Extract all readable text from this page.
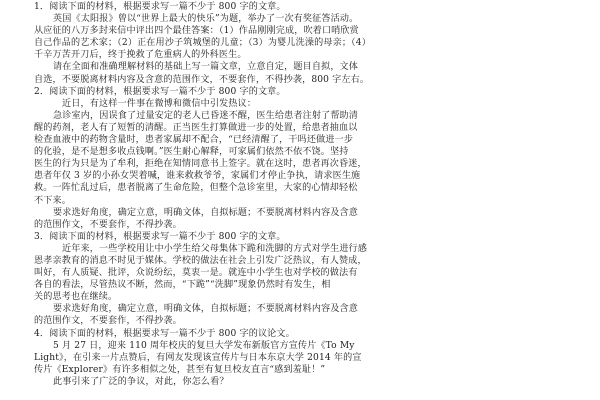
1．阅读下面的材料，根据要求写一篇不少于 800 字的文章。

英国《太阳报》曾以“世界上最大的快乐”为题，举办了一次有奖征答活动。

从应征的八万多封来信中评出四个最佳答案：（1）作品刚刚完成，吹着口哨欣赏

自己作品的艺术家；（2）正在用沙子筑城堡的儿童；（3）为婴儿洗澡的母亲；（4）

千辛万苦开刀后，终于挽救了危重病人的外科医生。

请在全面和准确理解材料的基础上写一篇文章，立意自定，题目自拟，文体

自选，不要脱离材料内容及含意的范围作文，不要套作，不得抄袭，800 字左右。

2．阅读下面的材料，根据要求写一篇不少于 800 字的文章。

近日，有这样一件事在微博和微信中引发热议：

急诊室内，因误食了过量安定的老人已昏迷不醒，医生给患者注射了帮助清

醒的药剂，老人有了短暂的清醒。正当医生打算做进一步的处置，给患者抽血以

检查血液中的药物含量时，患者家属却不配合，“已经清醒了，干吗还做进一步

的化验，是不是想多收点钱啊。”医生耐心解释，可家属们依然不依不饶。坚持

医生的行为只是为了牟利，拒绝在知情同意书上签字。就在这时，患者再次昏迷，

患者年仅 3 岁的小孙女哭着喊，谁来救救爷爷，家属们才停止争执，请求医生施

救。一阵忙乱过后，患者脱离了生命危险，但整个急诊室里，大家的心情却轻松

不下来。

要求选好角度，确定立意，明确文体，自拟标题；不要脱离材料内容及含意

的范围作文，不要套作，不得抄袭。

3．阅读下面的材料，根据要求写一篇不少于 800 字的文章。

近年来，一些学校用让中小学生给父母集体下跪和洗脚的方式对学生进行感

恩孝亲教育的消息不时见于媒体。学校的做法在社会上引发广泛热议，有人赞成，

叫好，有人质疑、批评，众说纷纭，莫衷一是。就连中小学生也对学校的做法有

各自的看法，尽管热议不断，然而，“下跪”“洗脚”现象仍然时有发生，相

关的思考也在继续。

要求选好角度，确定立意，明确文体，自拟标题；不要脱离材料内容及含意

的范围作文，不要套作，不得抄袭。

4．阅读下面的材料，根据要求写一篇不少于 800 字的议论文。

5 月 27 日，迎来 110 周年校庆的复旦大学发布新版官方宣传片《To My

Light》，在引来一片点赞后，有网友发现该宣传片与日本东京大学 2014 年的宣

传片《Explorer》有许多相似之处，甚至有复旦校友直言“感到羞耻！”

此事引来了广泛的争议，对此，你怎么看？
